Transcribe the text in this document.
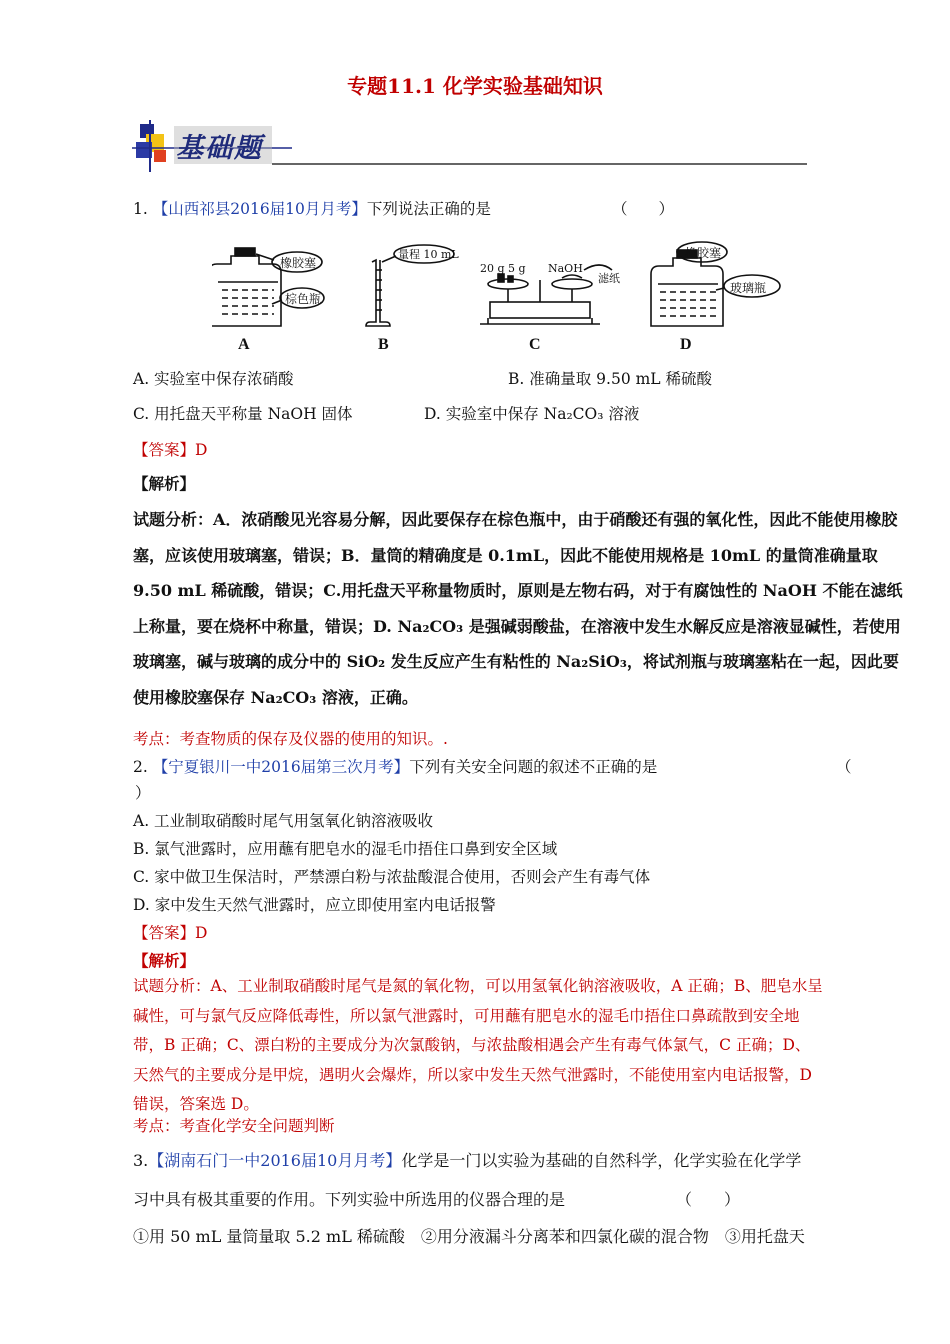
专题11.1 化学实验基础知识
基础题
1. 【山西祁县2016届10月月考】下列说法正确的是	（　　）
橡胶塞
棕色瓶
量程 10 mL
20 g 5 g NaOH
滤纸
橡胶塞
玻璃瓶
A	B	C	D
A. 实验室中保存浓硝酸	B. 准确量取 9.50 mL 稀硫酸
C. 用托盘天平称量 NaOH 固体	D. 实验室中保存 Na₂CO₃ 溶液
【答案】D
【解析】
试题分析：A．浓硝酸见光容易分解，因此要保存在棕色瓶中，由于硝酸还有强的氧化性，因此不能使用橡胶塞，应该使用玻璃塞，错误；B．量筒的精确度是 0.1mL，因此不能使用规格是 10mL 的量筒准确量取 9.50 mL 稀硫酸，错误；C.用托盘天平称量物质时，原则是左物右码，对于有腐蚀性的 NaOH 不能在滤纸上称量，要在烧杯中称量，错误；D. Na₂CO₃ 是强碱弱酸盐，在溶液中发生水解反应是溶液显碱性，若使用玻璃塞，碱与玻璃的成分中的 SiO₂ 发生反应产生有粘性的 Na₂SiO₃，将试剂瓶与玻璃塞粘在一起，因此要使用橡胶塞保存 Na₂CO₃ 溶液，正确。
考点：考查物质的保存及仪器的使用的知识。.
2. 【宁夏银川一中2016届第三次月考】下列有关安全问题的叙述不正确的是	（
）
A. 工业制取硝酸时尾气用氢氧化钠溶液吸收
B. 氯气泄露时，应用蘸有肥皂水的湿毛巾捂住口鼻到安全区域
C. 家中做卫生保洁时，严禁漂白粉与浓盐酸混合使用，否则会产生有毒气体
D. 家中发生天然气泄露时，应立即使用室内电话报警
【答案】D
【解析】
试题分析：A、工业制取硝酸时尾气是氮的氧化物，可以用氢氧化钠溶液吸收，A 正确；B、肥皂水呈碱性，可与氯气反应降低毒性，所以氯气泄露时，可用蘸有肥皂水的湿毛巾捂住口鼻疏散到安全地带，B 正确；C、漂白粉的主要成分为次氯酸钠，与浓盐酸相遇会产生有毒气体氯气，C 正确；D、天然气的主要成分是甲烷，遇明火会爆炸，所以家中发生天然气泄露时，不能使用室内电话报警，D 错误，答案选 D。
考点：考查化学安全问题判断
3.【湖南石门一中2016届10月月考】化学是一门以实验为基础的自然科学，化学实验在化学学
习中具有极其重要的作用。下列实验中所选用的仪器合理的是	（　　）
①用 50 mL 量筒量取 5.2 mL 稀硫酸　②用分液漏斗分离苯和四氯化碳的混合物　③用托盘天
